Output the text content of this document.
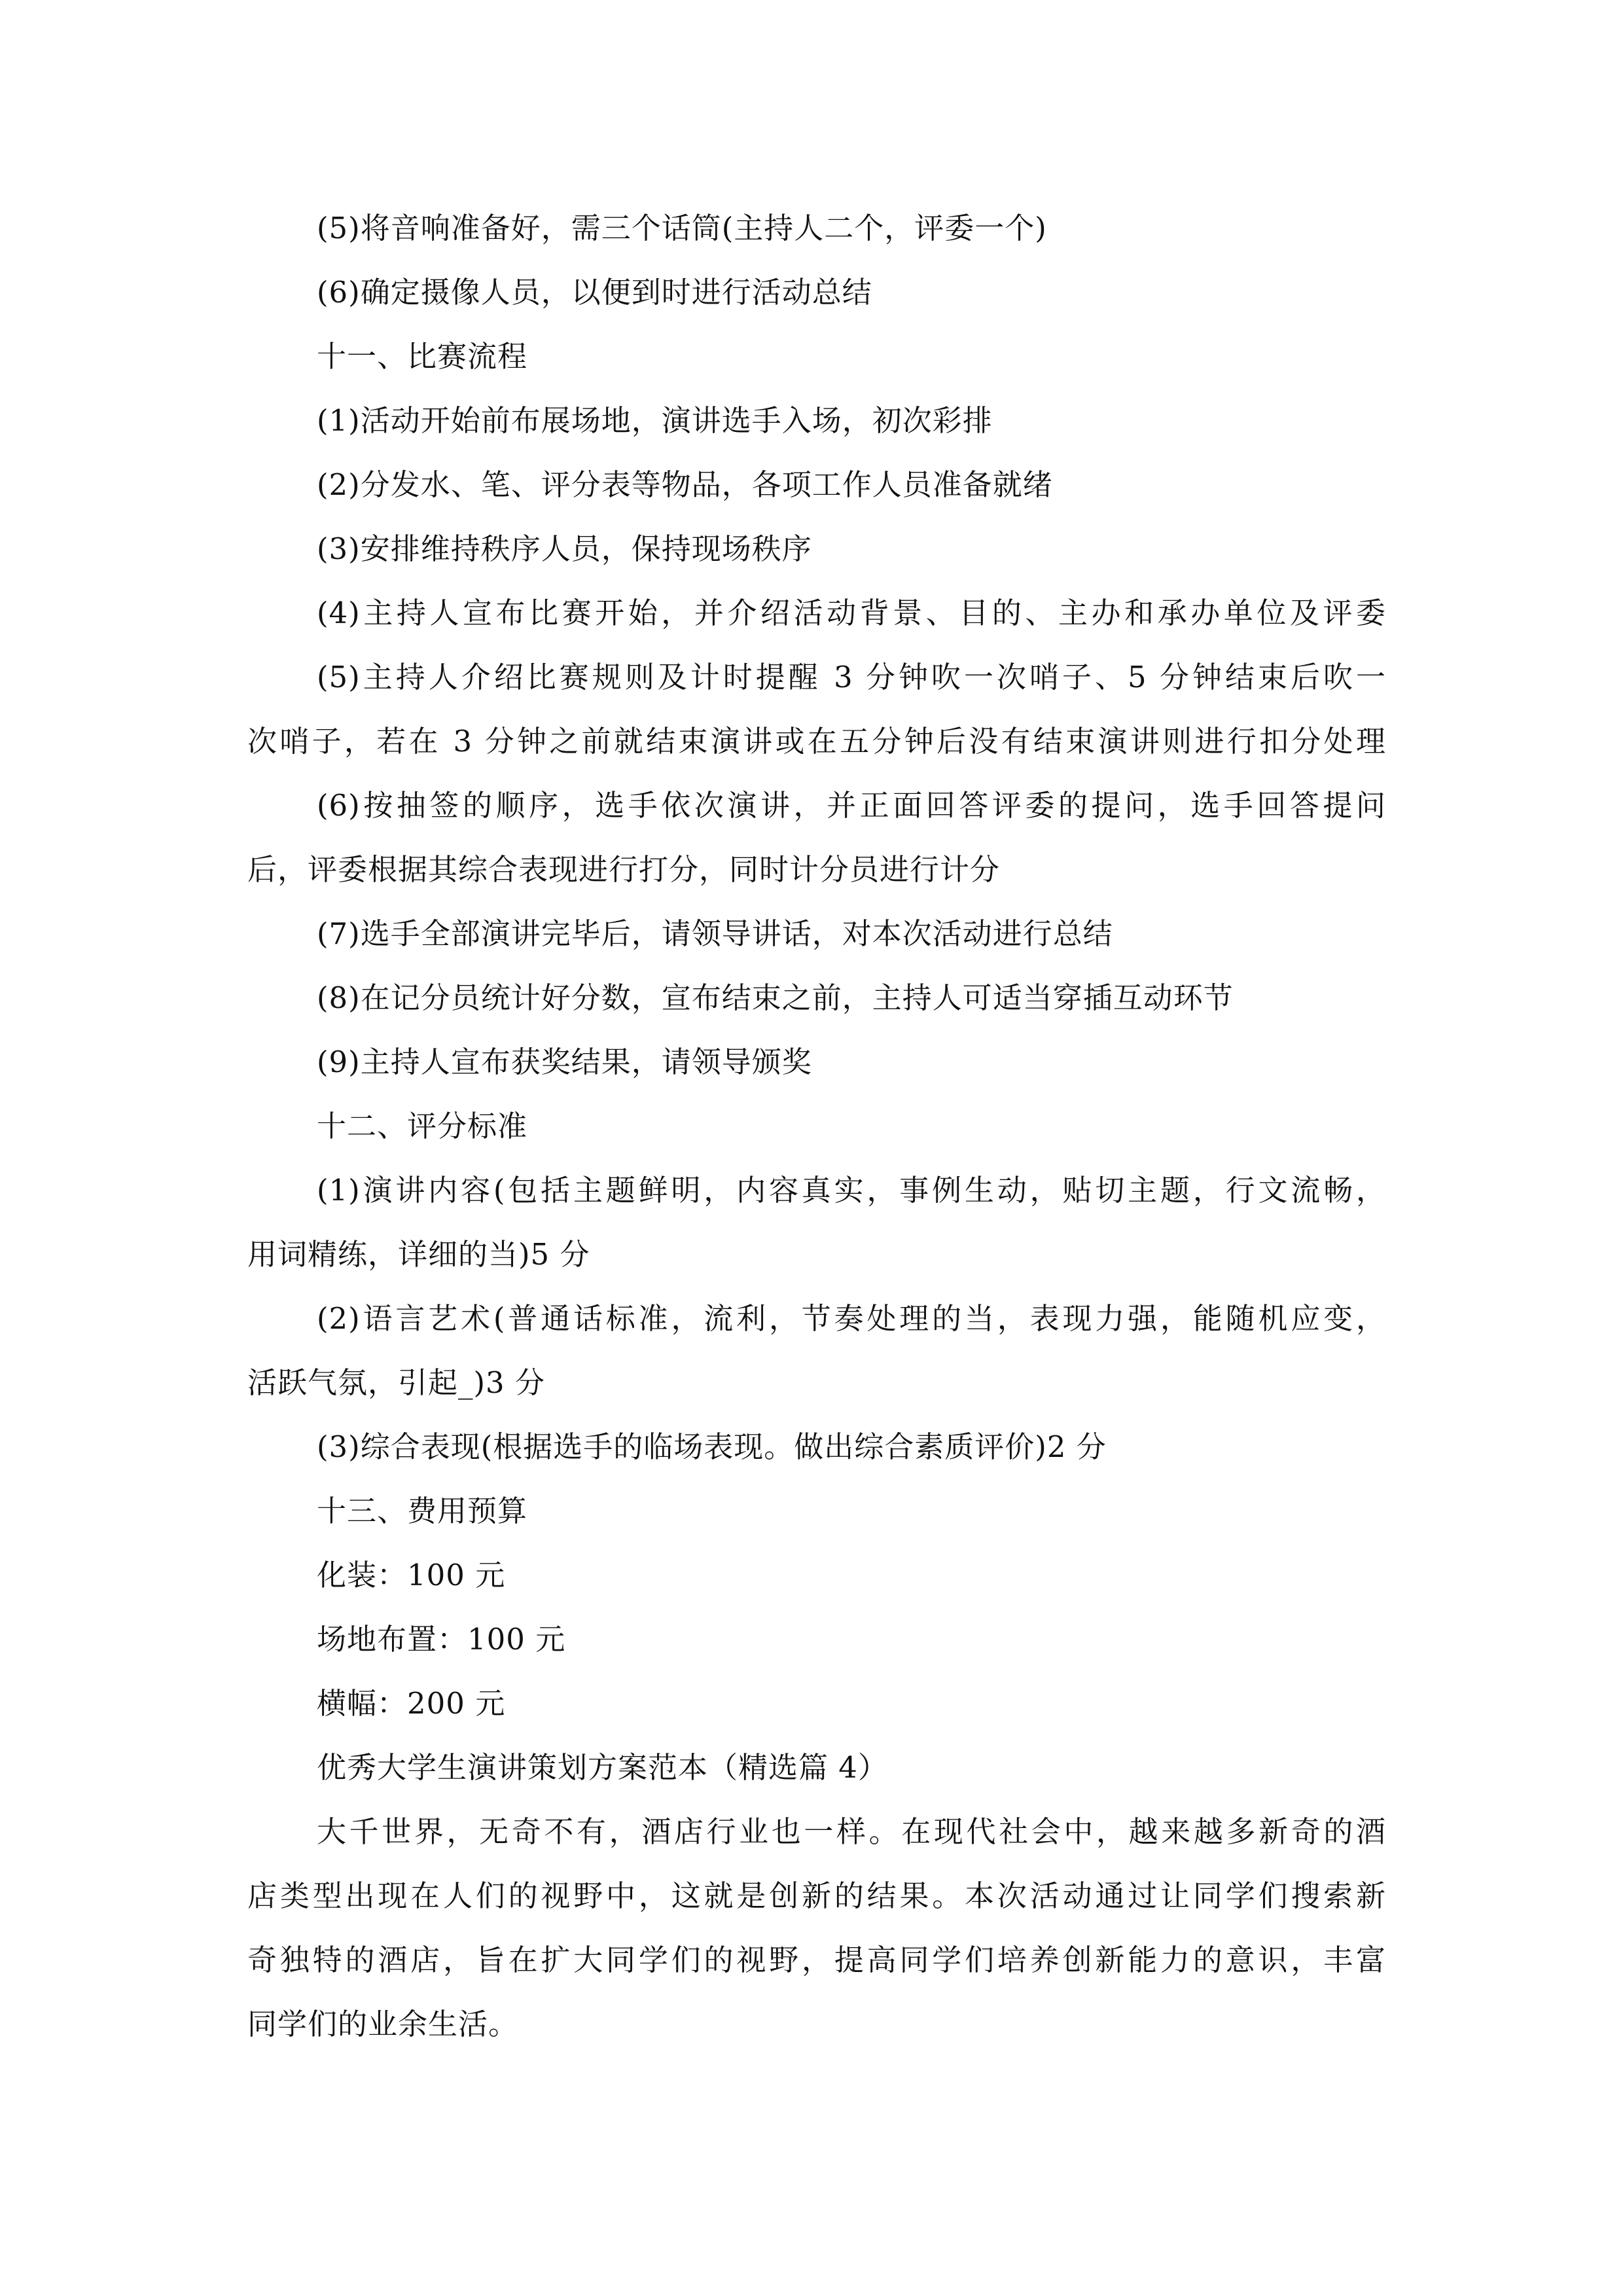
(5)将音响准备好，需三个话筒(主持人二个，评委一个)
(6)确定摄像人员，以便到时进行活动总结
十一、比赛流程
(1)活动开始前布展场地，演讲选手入场，初次彩排
(2)分发水、笔、评分表等物品，各项工作人员准备就绪
(3)安排维持秩序人员，保持现场秩序
(4)主持人宣布比赛开始，并介绍活动背景、目的、主办和承办单位及评委
(5)主持人介绍比赛规则及计时提醒 3 分钟吹一次哨子、5 分钟结束后吹一
次哨子，若在 3 分钟之前就结束演讲或在五分钟后没有结束演讲则进行扣分处理
(6)按抽签的顺序，选手依次演讲，并正面回答评委的提问，选手回答提问
后，评委根据其综合表现进行打分，同时计分员进行计分
(7)选手全部演讲完毕后，请领导讲话，对本次活动进行总结
(8)在记分员统计好分数，宣布结束之前，主持人可适当穿插互动环节
(9)主持人宣布获奖结果，请领导颁奖
十二、评分标准
(1)演讲内容(包括主题鲜明，内容真实，事例生动，贴切主题，行文流畅，
用词精练，详细的当)5 分
(2)语言艺术(普通话标准，流利，节奏处理的当，表现力强，能随机应变，
活跃气氛，引起_)3 分
(3)综合表现(根据选手的临场表现。做出综合素质评价)2 分
十三、费用预算
化装：100 元
场地布置：100 元
横幅：200 元
优秀大学生演讲策划方案范本（精选篇 4）
大千世界，无奇不有，酒店行业也一样。在现代社会中，越来越多新奇的酒
店类型出现在人们的视野中，这就是创新的结果。本次活动通过让同学们搜索新
奇独特的酒店，旨在扩大同学们的视野，提高同学们培养创新能力的意识，丰富
同学们的业余生活。
